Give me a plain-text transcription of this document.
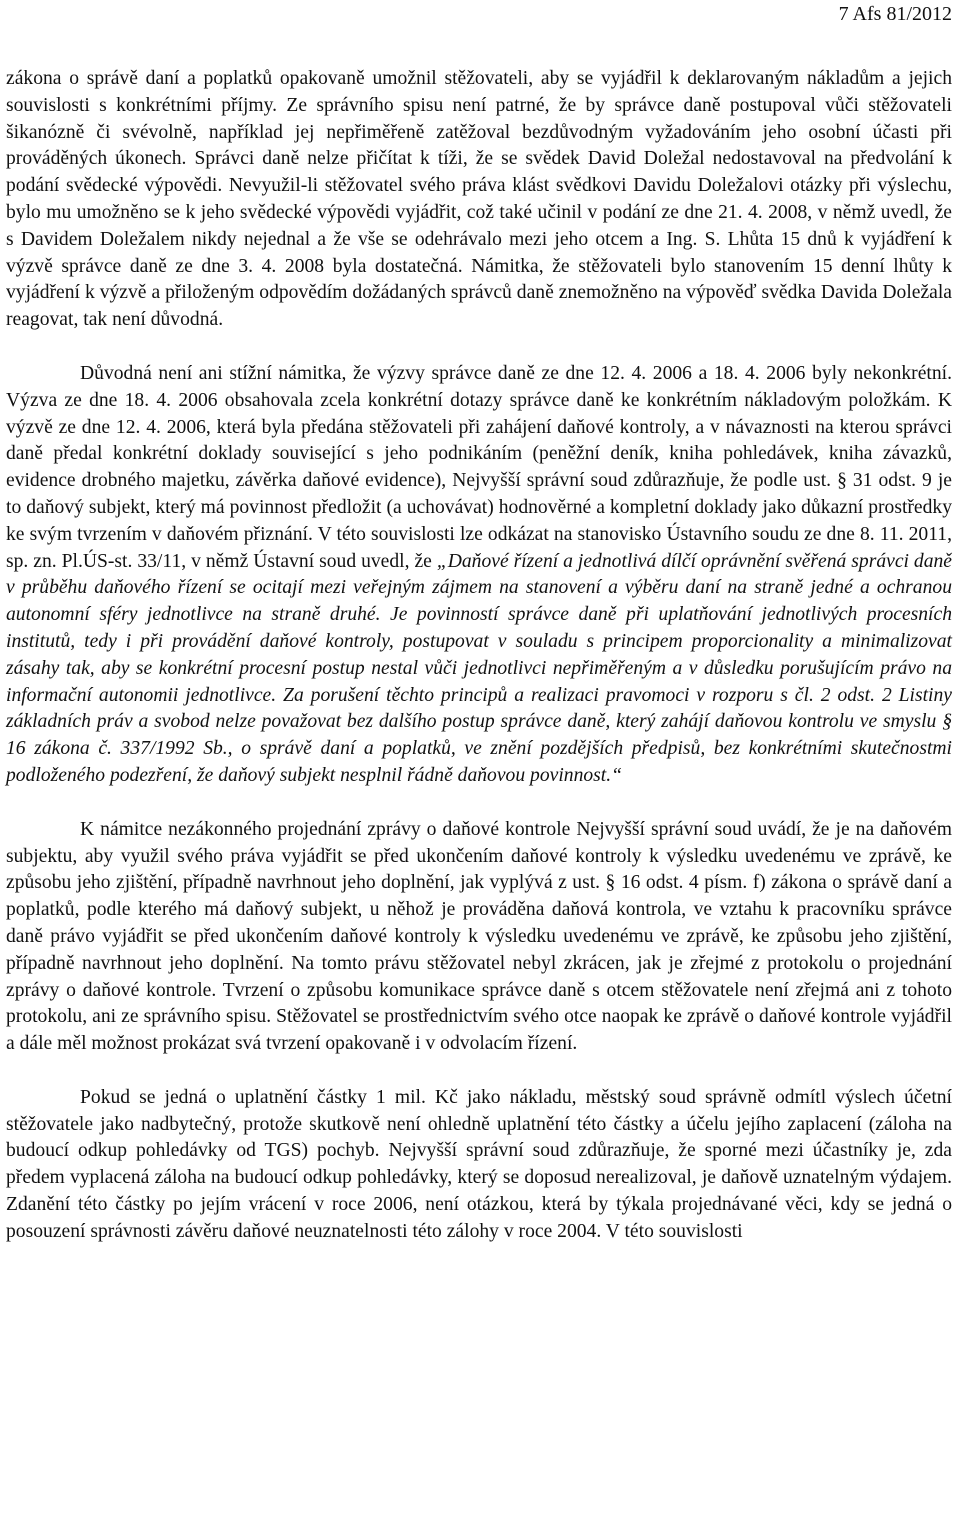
7 Afs 81/2012

zákona o správě daní a poplatků opakovaně umožnil stěžovateli, aby se vyjádřil k deklarovaným nákladům a jejich souvislosti s konkrétními příjmy. Ze správního spisu není patrné, že by správce daně postupoval vůči stěžovateli šikanózně či svévolně, například jej nepřiměřeně zatěžoval bezdůvodným vyžadováním jeho osobní účasti při prováděných úkonech. Správci daně nelze přičítat k tíži, že se svědek David Doležal nedostavoval na předvolání k podání svědecké výpovědi. Nevyužil-li stěžovatel svého práva klást svědkovi Davidu Doležalovi otázky při výslechu, bylo mu umožněno se k jeho svědecké výpovědi vyjádřit, což také učinil v podání ze dne 21. 4. 2008, v němž uvedl, že s Davidem Doležalem nikdy nejednal a že vše se odehrávalo mezi jeho otcem a Ing. S. Lhůta 15 dnů k vyjádření k výzvě správce daně ze dne 3. 4. 2008 byla dostatečná. Námitka, že stěžovateli bylo stanovením 15 denní lhůty k vyjádření k výzvě a přiloženým odpovědím dožádaných správců daně znemožněno na výpověď svědka Davida Doležala reagovat, tak není důvodná.

Důvodná není ani stížní námitka, že výzvy správce daně ze dne 12. 4. 2006 a 18. 4. 2006 byly nekonkrétní. Výzva ze dne 18. 4. 2006 obsahovala zcela konkrétní dotazy správce daně ke konkrétním nákladovým položkám. K výzvě ze dne 12. 4. 2006, která byla předána stěžovateli při zahájení daňové kontroly, a v návaznosti na kterou správci daně předal konkrétní doklady související s jeho podnikáním (peněžní deník, kniha pohledávek, kniha závazků, evidence drobného majetku, závěrka daňové evidence), Nejvyšší správní soud zdůrazňuje, že podle ust. § 31 odst. 9 je to daňový subjekt, který má povinnost předložit (a uchovávat) hodnověrné a kompletní doklady jako důkazní prostředky ke svým tvrzením v daňovém přiznání. V této souvislosti lze odkázat na stanovisko Ústavního soudu ze dne 8. 11. 2011, sp. zn. Pl.ÚS-st. 33/11, v němž Ústavní soud uvedl, že „Daňové řízení a jednotlivá dílčí oprávnění svěřená správci daně v průběhu daňového řízení se ocitají mezi veřejným zájmem na stanovení a výběru daní na straně jedné a ochranou autonomní sféry jednotlivce na straně druhé. Je povinností správce daně při uplatňování jednotlivých procesních institutů, tedy i při provádění daňové kontroly, postupovat v souladu s principem proporcionality a minimalizovat zásahy tak, aby se konkrétní procesní postup nestal vůči jednotlivci nepřiměřeným a v důsledku porušujícím právo na informační autonomii jednotlivce. Za porušení těchto principů a realizaci pravomoci v rozporu s čl. 2 odst. 2 Listiny základních práv a svobod nelze považovat bez dalšího postup správce daně, který zahájí daňovou kontrolu ve smyslu § 16 zákona č. 337/1992 Sb., o správě daní a poplatků, ve znění pozdějších předpisů, bez konkrétními skutečnostmi podloženého podezření, že daňový subjekt nesplnil řádně daňovou povinnost.“

K námitce nezákonného projednání zprávy o daňové kontrole Nejvyšší správní soud uvádí, že je na daňovém subjektu, aby využil svého práva vyjádřit se před ukončením daňové kontroly k výsledku uvedenému ve zprávě, ke způsobu jeho zjištění, případně navrhnout jeho doplnění, jak vyplývá z ust. § 16 odst. 4 písm. f) zákona o správě daní a poplatků, podle kterého má daňový subjekt, u něhož je prováděna daňová kontrola, ve vztahu k pracovníku správce daně právo vyjádřit se před ukončením daňové kontroly k výsledku uvedenému ve zprávě, ke způsobu jeho zjištění, případně navrhnout jeho doplnění. Na tomto právu stěžovatel nebyl zkrácen, jak je zřejmé z protokolu o projednání zprávy o daňové kontrole. Tvrzení o způsobu komunikace správce daně s otcem stěžovatele není zřejmá ani z tohoto protokolu, ani ze správního spisu. Stěžovatel se prostřednictvím svého otce naopak ke zprávě o daňové kontrole vyjádřil a dále měl možnost prokázat svá tvrzení opakovaně i v odvolacím řízení.

Pokud se jedná o uplatnění částky 1 mil. Kč jako nákladu, městský soud správně odmítl výslech účetní stěžovatele jako nadbytečný, protože skutkově není ohledně uplatnění této částky a účelu jejího zaplacení (záloha na budoucí odkup pohledávky od TGS) pochyb. Nejvyšší správní soud zdůrazňuje, že sporné mezi účastníky je, zda předem vyplacená záloha na budoucí odkup pohledávky, který se doposud nerealizoval, je daňově uznatelným výdajem. Zdanění této částky po jejím vrácení v roce 2006, není otázkou, která by týkala projednávané věci, kdy se jedná o posouzení správnosti závěru daňové neuznatelnosti této zálohy v roce 2004. V této souvislosti
